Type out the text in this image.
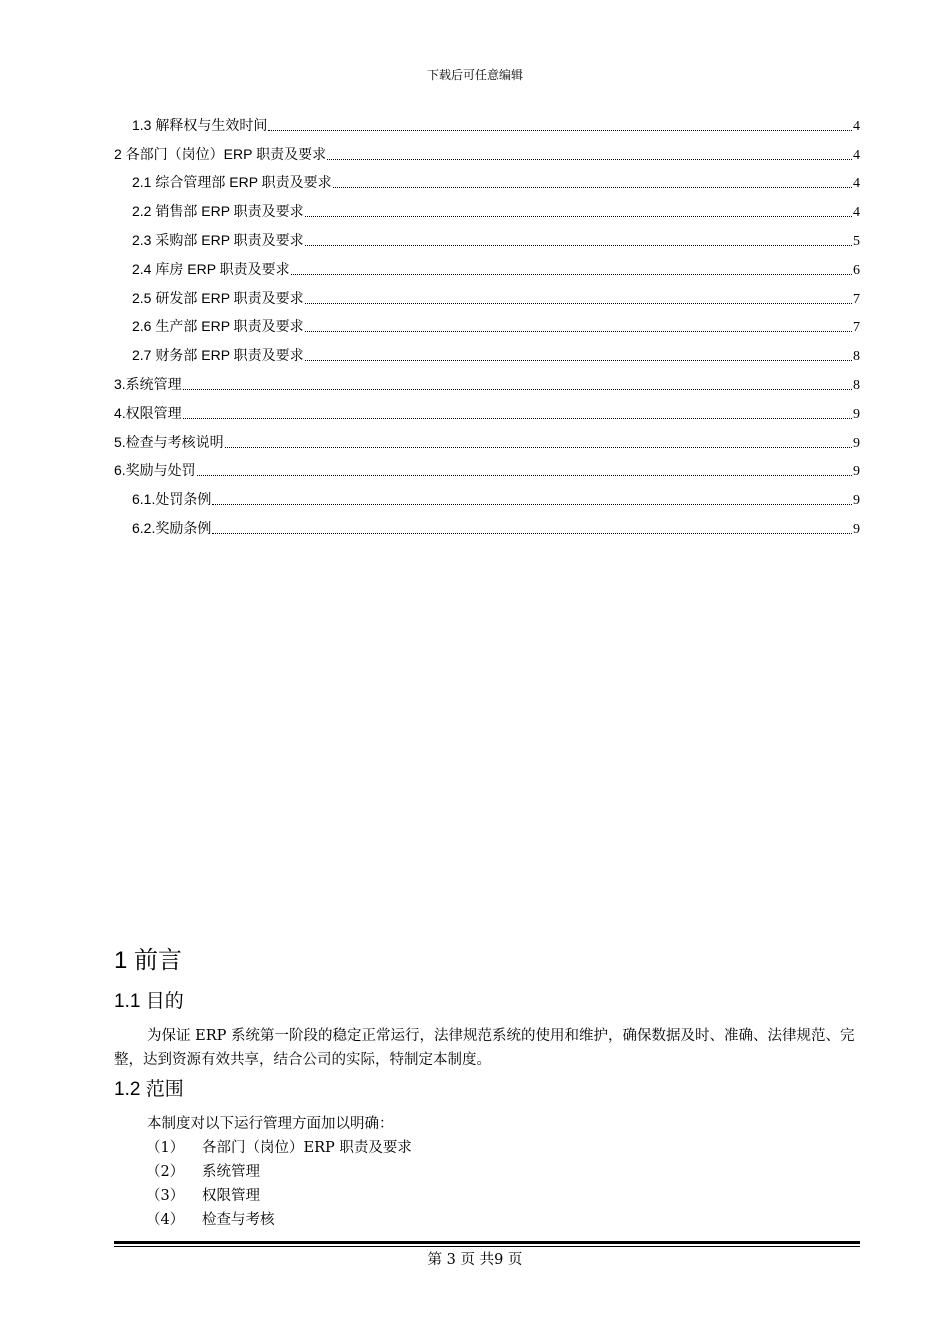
下载后可任意编辑
1.3 解释权与生效时间	4
2 各部门（岗位）ERP 职责及要求	4
2.1 综合管理部 ERP 职责及要求	4
2.2 销售部 ERP 职责及要求	4
2.3 采购部 ERP 职责及要求	5
2.4 库房 ERP 职责及要求	6
2.5 研发部 ERP 职责及要求	7
2.6 生产部 ERP 职责及要求	7
2.7 财务部 ERP 职责及要求	8
3.系统管理	8
4.权限管理	9
5.检查与考核说明	9
6.奖励与处罚	9
6.1.处罚条例	9
6.2.奖励条例	9
1 前言
1.1 目的
为保证 ERP 系统第一阶段的稳定正常运行，法律规范系统的使用和维护，确保数据及时、准确、法律规范、完整，达到资源有效共享，结合公司的实际，特制定本制度。
1.2 范围
本制度对以下运行管理方面加以明确：
（1）	各部门（岗位）ERP 职责及要求
（2）	系统管理
（3）	权限管理
（4）	检查与考核
第 3 页 共9 页
